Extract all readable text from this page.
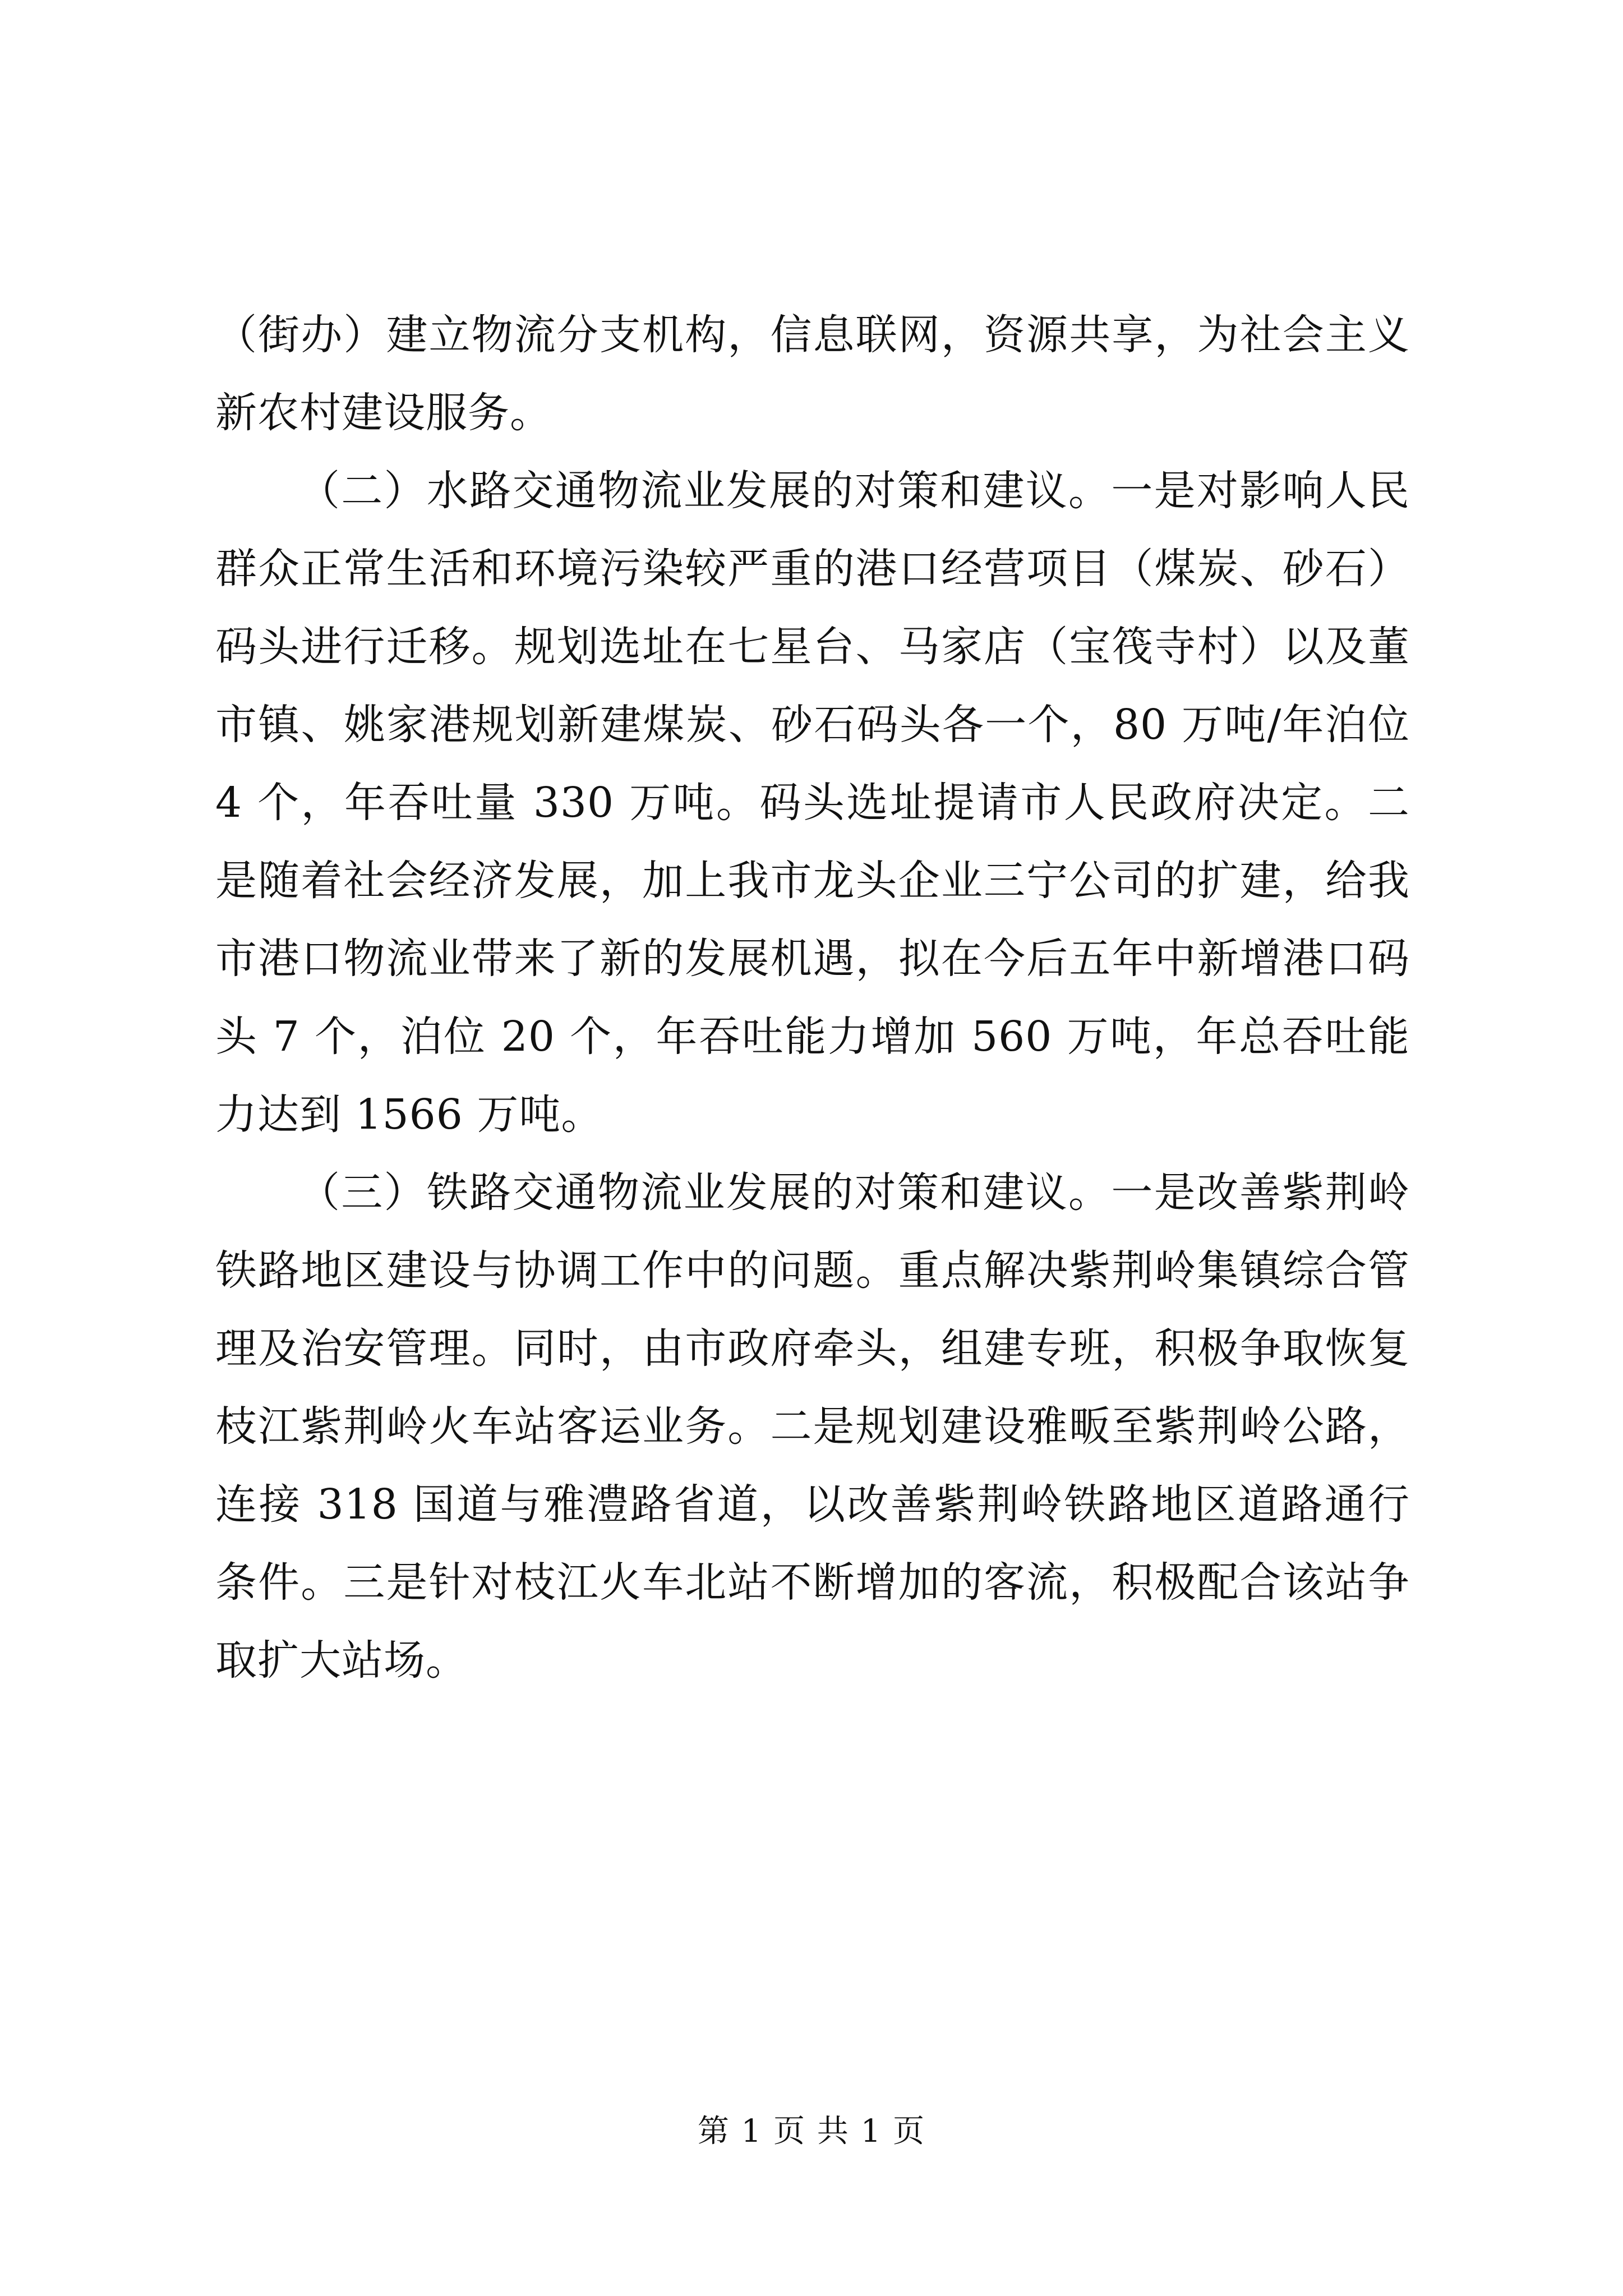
（街办）建立物流分支机构，信息联网，资源共享，为社会主义新农村建设服务。

（二）水路交通物流业发展的对策和建议。一是对影响人民群众正常生活和环境污染较严重的港口经营项目（煤炭、砂石）码头进行迁移。规划选址在七星台、马家店（宝筏寺村）以及董市镇、姚家港规划新建煤炭、砂石码头各一个，80 万吨/年泊位 4 个，年吞吐量 330 万吨。码头选址提请市人民政府决定。二是随着社会经济发展，加上我市龙头企业三宁公司的扩建，给我市港口物流业带来了新的发展机遇，拟在今后五年中新增港口码头 7 个，泊位 20 个，年吞吐能力增加 560 万吨，年总吞吐能力达到 1566 万吨。

（三）铁路交通物流业发展的对策和建议。一是改善紫荆岭铁路地区建设与协调工作中的问题。重点解决紫荆岭集镇综合管理及治安管理。同时，由市政府牵头，组建专班，积极争取恢复枝江紫荆岭火车站客运业务。二是规划建设雅畈至紫荆岭公路，连接 318 国道与雅澧路省道，以改善紫荆岭铁路地区道路通行条件。三是针对枝江火车北站不断增加的客流，积极配合该站争取扩大站场。

第 1 页 共 1 页
